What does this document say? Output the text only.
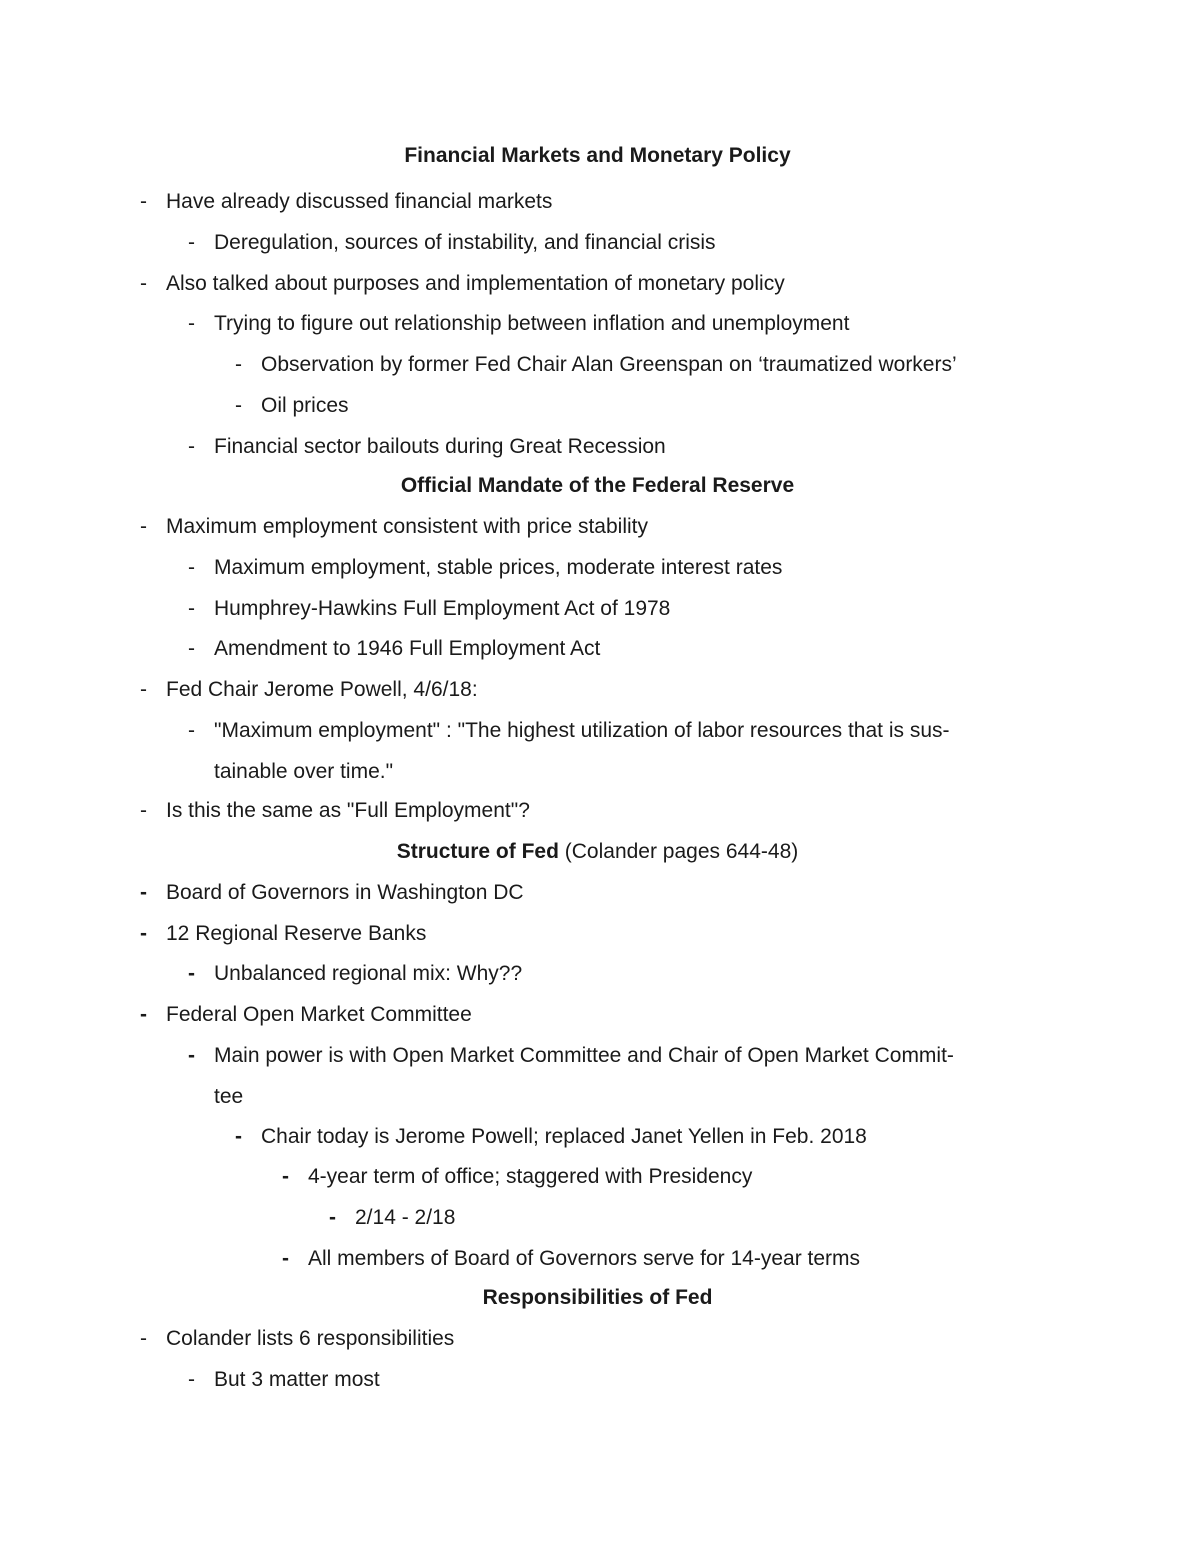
Financial Markets and Monetary Policy
- Have already discussed financial markets
- Deregulation, sources of instability, and financial crisis
- Also talked about purposes and implementation of monetary policy
- Trying to figure out relationship between inflation and unemployment
- Observation by former Fed Chair Alan Greenspan on ‘traumatized workers’
- Oil prices
- Financial sector bailouts during Great Recession
Official Mandate of the Federal Reserve
- Maximum employment consistent with price stability
- Maximum employment, stable prices, moderate interest rates
- Humphrey-Hawkins Full Employment Act of 1978
- Amendment to 1946 Full Employment Act
- Fed Chair Jerome Powell, 4/6/18:
- "Maximum employment" : "The highest utilization of labor resources that is sus-
tainable over time."
- Is this the same as "Full Employment"?
Structure of Fed (Colander pages 644-48)
- Board of Governors in Washington DC
- 12 Regional Reserve Banks
- Unbalanced regional mix: Why??
- Federal Open Market Committee
- Main power is with Open Market Committee and Chair of Open Market Commit-
tee
- Chair today is Jerome Powell; replaced Janet Yellen in Feb. 2018
- 4-year term of office; staggered with Presidency
- 2/14 - 2/18
- All members of Board of Governors serve for 14-year terms
Responsibilities of Fed
- Colander lists 6 responsibilities
- But 3 matter most
